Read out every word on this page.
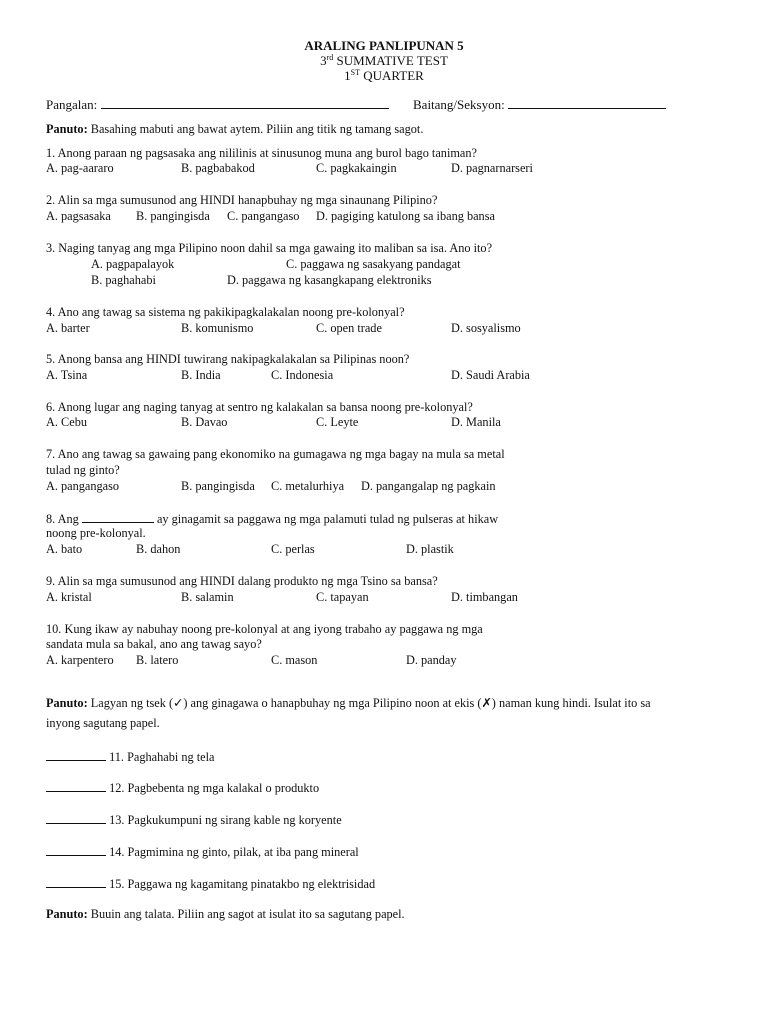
ARALING PANLIPUNAN 5
3rd SUMMATIVE TEST
1ST QUARTER
Pangalan:	Baitang/Seksyon:
Panuto: Basahing mabuti ang bawat aytem. Piliin ang titik ng tamang sagot.
1. Anong paraan ng pagsasaka ang nililinis at sinusunog muna ang burol bago taniman?
A. pag-aararo	B. pagbabakod	C. pagkakaingin	D. pagnarnarseri
2. Alin sa mga sumusunod ang HINDI hanapbuhay ng mga sinaunang Pilipino?
A. pagsasaka B. pangingisda C. pangangaso D. pagiging katulong sa ibang bansa
3. Naging tanyag ang mga Pilipino noon dahil sa mga gawaing ito maliban sa isa. Ano ito?
A. pagpapalayok	C. paggawa ng sasakyang pandagat
B. paghahabi	D. paggawa ng kasangkapang elektroniks
4. Ano ang tawag sa sistema ng pakikipagkalakalan noong pre-kolonyal?
A. barter	B. komunismo	C. open trade	D. sosyalismo
5. Anong bansa ang HINDI tuwirang nakipagkalakalan sa Pilipinas noon?
A. Tsina	B. India	C. Indonesia	D. Saudi Arabia
6. Anong lugar ang naging tanyag at sentro ng kalakalan sa bansa noong pre-kolonyal?
A. Cebu	B. Davao	C. Leyte	D. Manila
7. Ano ang tawag sa gawaing pang ekonomiko na gumagawa ng mga bagay na mula sa metal
tulad ng ginto?
A. pangangaso	B. pangingisda C. metalurhiya D. pangangalap ng pagkain
8. Ang	ay ginagamit sa paggawa ng mga palamuti tulad ng pulseras at hikaw
noong pre-kolonyal.
A. bato	B. dahon	C. perlas	D. plastik
9. Alin sa mga sumusunod ang HINDI dalang produkto ng mga Tsino sa bansa?
A. kristal	B. salamin	C. tapayan	D. timbangan
10. Kung ikaw ay nabuhay noong pre-kolonyal at ang iyong trabaho ay paggawa ng mga
sandata mula sa bakal, ano ang tawag sayo?
A. karpentero B. latero	C. mason	D. panday
Panuto: Lagyan ng tsek (✓) ang ginagawa o hanapbuhay ng mga Pilipino noon at ekis (✗) naman kung hindi. Isulat ito sa
inyong sagutang papel.
11. Paghahabi ng tela
12. Pagbebenta ng mga kalakal o produkto
13. Pagkukumpuni ng sirang kable ng koryente
14. Pagmimina ng ginto, pilak, at iba pang mineral
15. Paggawa ng kagamitang pinatakbo ng elektrisidad
Panuto: Buuin ang talata. Piliin ang sagot at isulat ito sa sagutang papel.
